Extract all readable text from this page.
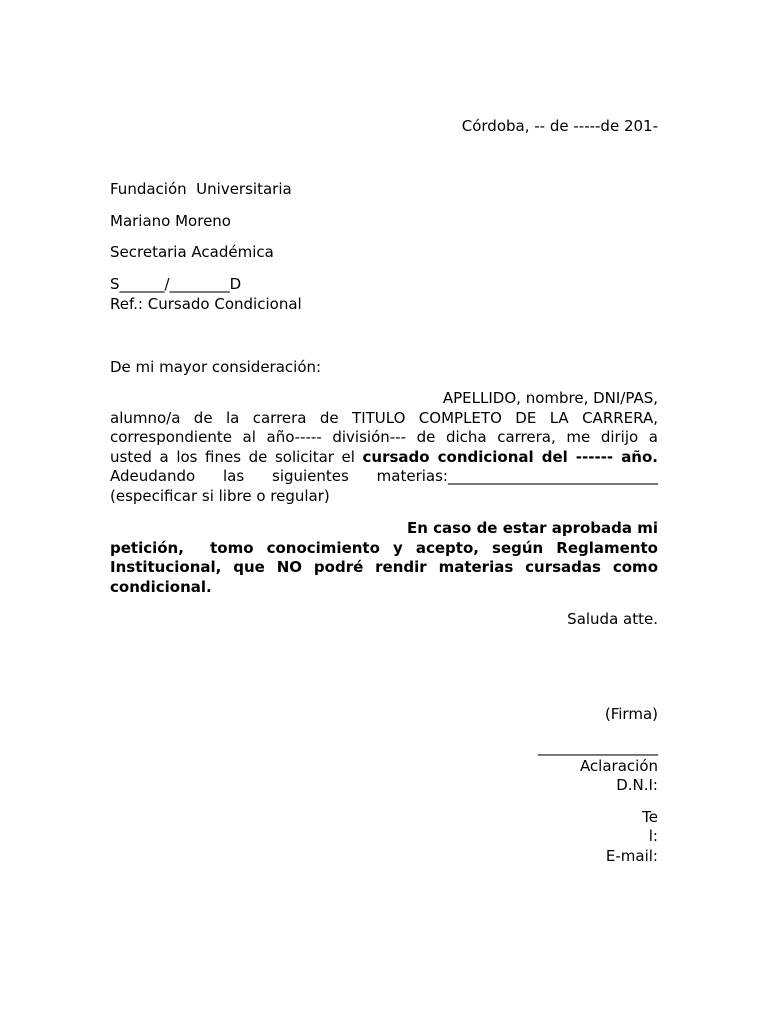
Córdoba, -- de -----de 201-
Fundación  Universitaria
Mariano Moreno
Secretaria Académica
S______/________D
Ref.: Cursado Condicional
De mi mayor consideración:
APELLIDO, nombre, DNI/PAS,
alumno/a de la carrera de TITULO COMPLETO DE LA CARRERA,
correspondiente al año----- división--- de dicha carrera, me dirijo a
usted a los fines de solicitar el cursado condicional del ------ año.
Adeudando las siguientes materias:____________________________
(especificar si libre o regular)
En caso de estar aprobada mi
petición,  tomo conocimiento y acepto, según Reglamento
Institucional, que NO podré rendir materias cursadas como
condicional.
Saluda atte.
(Firma)
________________
Aclaración
D.N.I:
Te
l:
E-mail:
